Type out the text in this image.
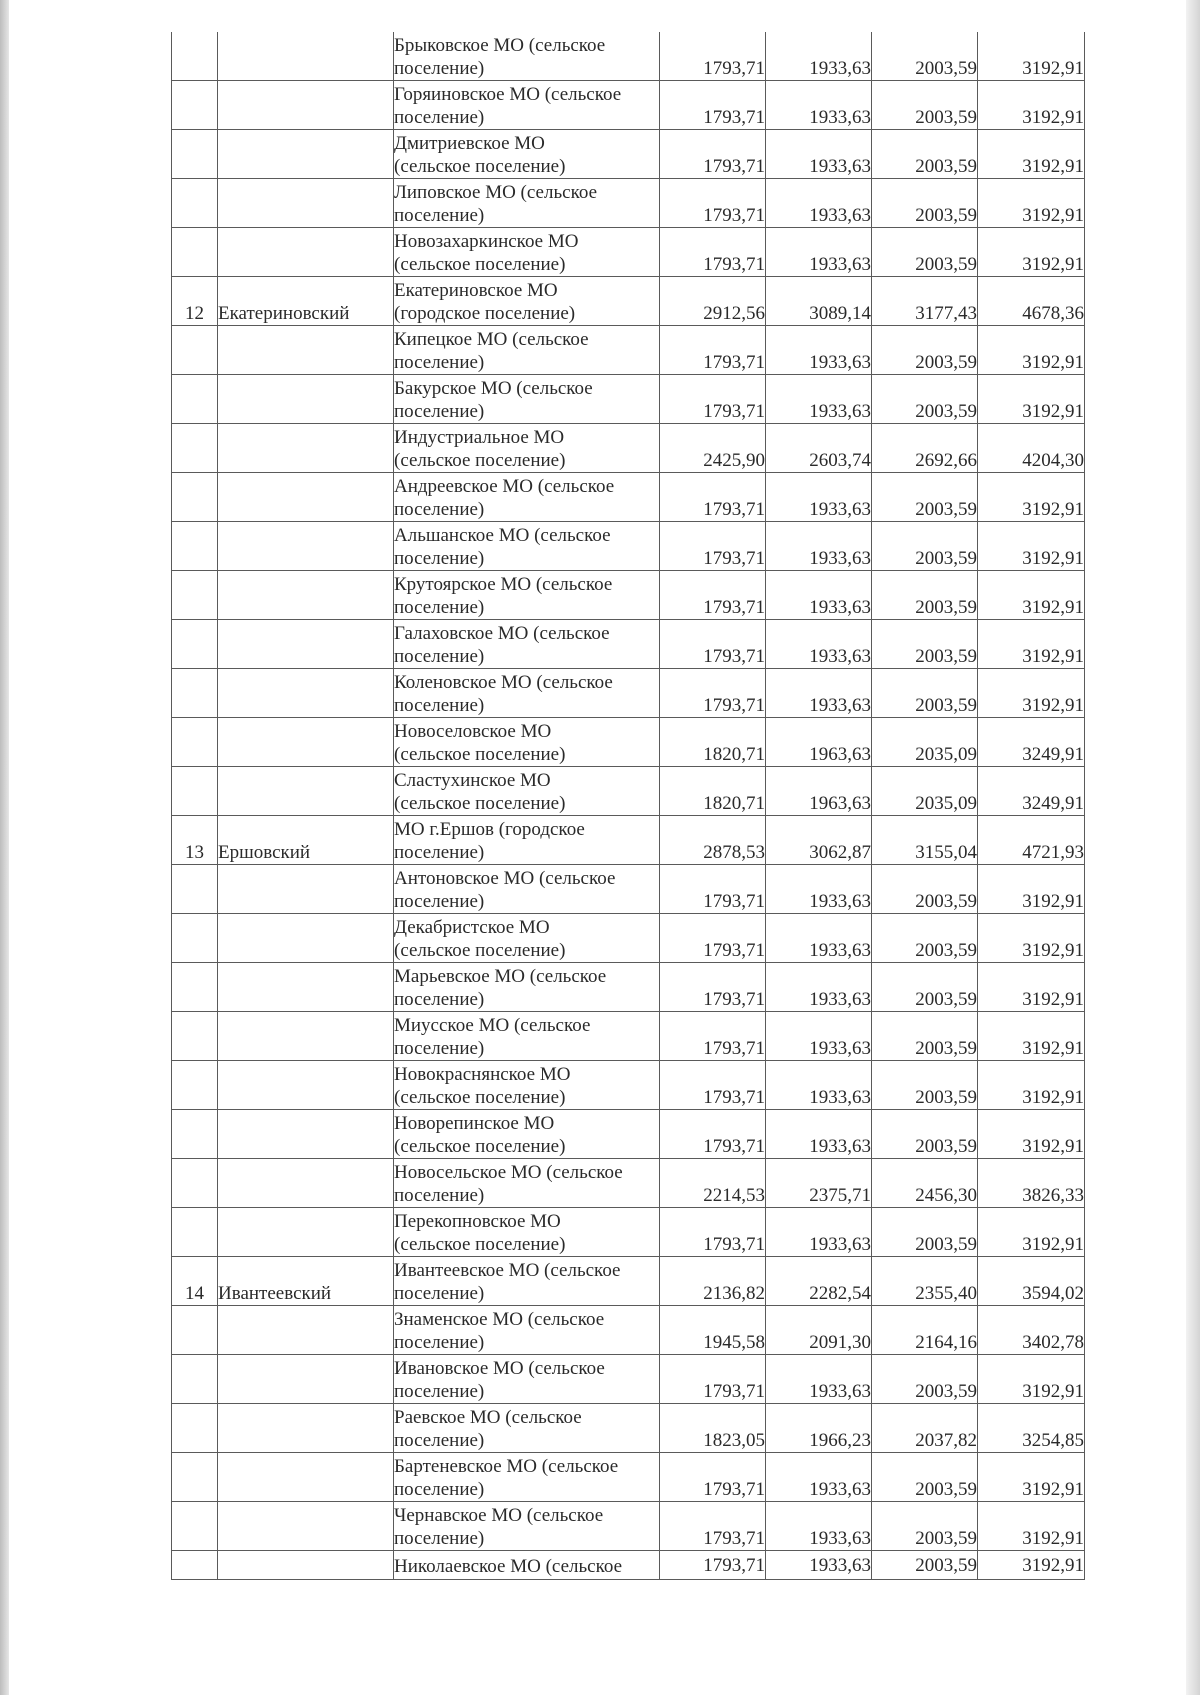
		Брыковское МО (сельское
поселение)	1793,71	1933,63	2003,59	3192,91

		Горяиновское МО (сельское
поселение)	1793,71	1933,63	2003,59	3192,91

		Дмитриевское МО
(сельское поселение)	1793,71	1933,63	2003,59	3192,91

		Липовское МО (сельское
поселение)	1793,71	1933,63	2003,59	3192,91

		Новозахаркинское МО
(сельское поселение)	1793,71	1933,63	2003,59	3192,91
12	Екатериновский	Екатериновское МО
(городское поселение)	2912,56	3089,14	3177,43	4678,36

		Кипецкое МО (сельское
поселение)	1793,71	1933,63	2003,59	3192,91

		Бакурское МО (сельское
поселение)	1793,71	1933,63	2003,59	3192,91

		Индустриальное МО
(сельское поселение)	2425,90	2603,74	2692,66	4204,30

		Андреевское МО (сельское
поселение)	1793,71	1933,63	2003,59	3192,91

		Альшанское МО (сельское
поселение)	1793,71	1933,63	2003,59	3192,91

		Крутоярское МО (сельское
поселение)	1793,71	1933,63	2003,59	3192,91

		Галаховское МО (сельское
поселение)	1793,71	1933,63	2003,59	3192,91

		Коленовское МО (сельское
поселение)	1793,71	1933,63	2003,59	3192,91

		Новоселовское МО
(сельское поселение)	1820,71	1963,63	2035,09	3249,91

		Сластухинское МО
(сельское поселение)	1820,71	1963,63	2035,09	3249,91
13	Ершовский	МО г.Ершов (городское
поселение)	2878,53	3062,87	3155,04	4721,93

		Антоновское МО (сельское
поселение)	1793,71	1933,63	2003,59	3192,91

		Декабристское МО
(сельское поселение)	1793,71	1933,63	2003,59	3192,91

		Марьевское МО (сельское
поселение)	1793,71	1933,63	2003,59	3192,91

		Миусское МО (сельское
поселение)	1793,71	1933,63	2003,59	3192,91

		Новокраснянское МО
(сельское поселение)	1793,71	1933,63	2003,59	3192,91

		Новорепинское МО
(сельское поселение)	1793,71	1933,63	2003,59	3192,91

		Новосельское МО (сельское
поселение)	2214,53	2375,71	2456,30	3826,33

		Перекопновское МО
(сельское поселение)	1793,71	1933,63	2003,59	3192,91
14	Ивантеевский	Ивантеевское МО (сельское
поселение)	2136,82	2282,54	2355,40	3594,02

		Знаменское МО (сельское
поселение)	1945,58	2091,30	2164,16	3402,78

		Ивановское МО (сельское
поселение)	1793,71	1933,63	2003,59	3192,91

		Раевское МО (сельское
поселение)	1823,05	1966,23	2037,82	3254,85

		Бартеневское МО (сельское
поселение)	1793,71	1933,63	2003,59	3192,91

		Чернавское МО (сельское
поселение)	1793,71	1933,63	2003,59	3192,91

		Николаевское МО (сельское	1793,71	1933,63	2003,59	3192,91
